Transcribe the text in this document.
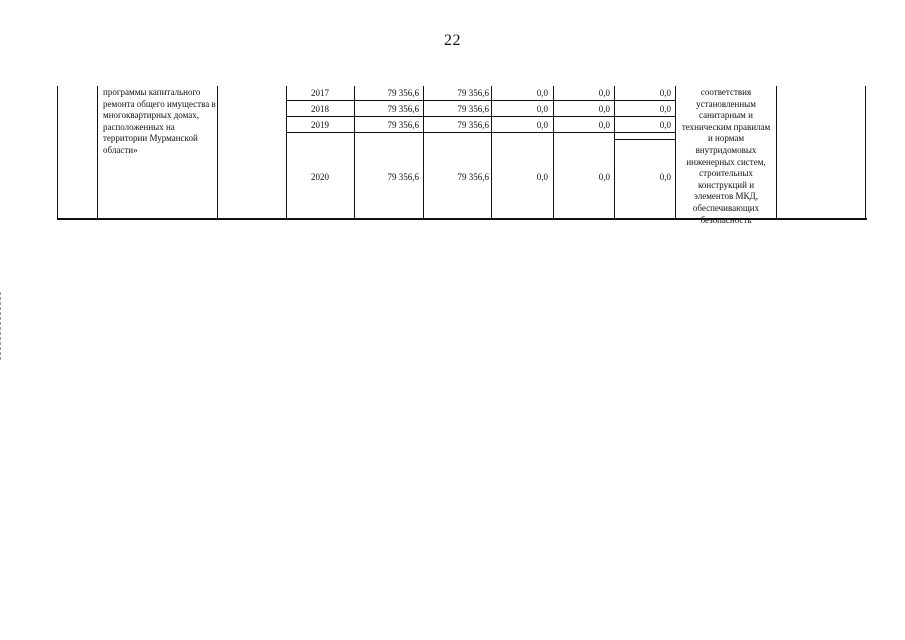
22
программы капитального ремонта общего имущества в многоквартирных домах, расположенных на территории Мурманской области»
соответствия установленным санитарным и техническим правилам и нормам внутридомовых инженерных систем, строительных конструкций и элементов МКД, обеспечивающих безопасность
2017	79 356,6	79 356,6	0,0	0,0	0,0
2018	79 356,6	79 356,6	0,0	0,0	0,0
2019	79 356,6	79 356,6	0,0	0,0	0,0
2020	79 356,6	79 356,6	0,0	0,0	0,0
